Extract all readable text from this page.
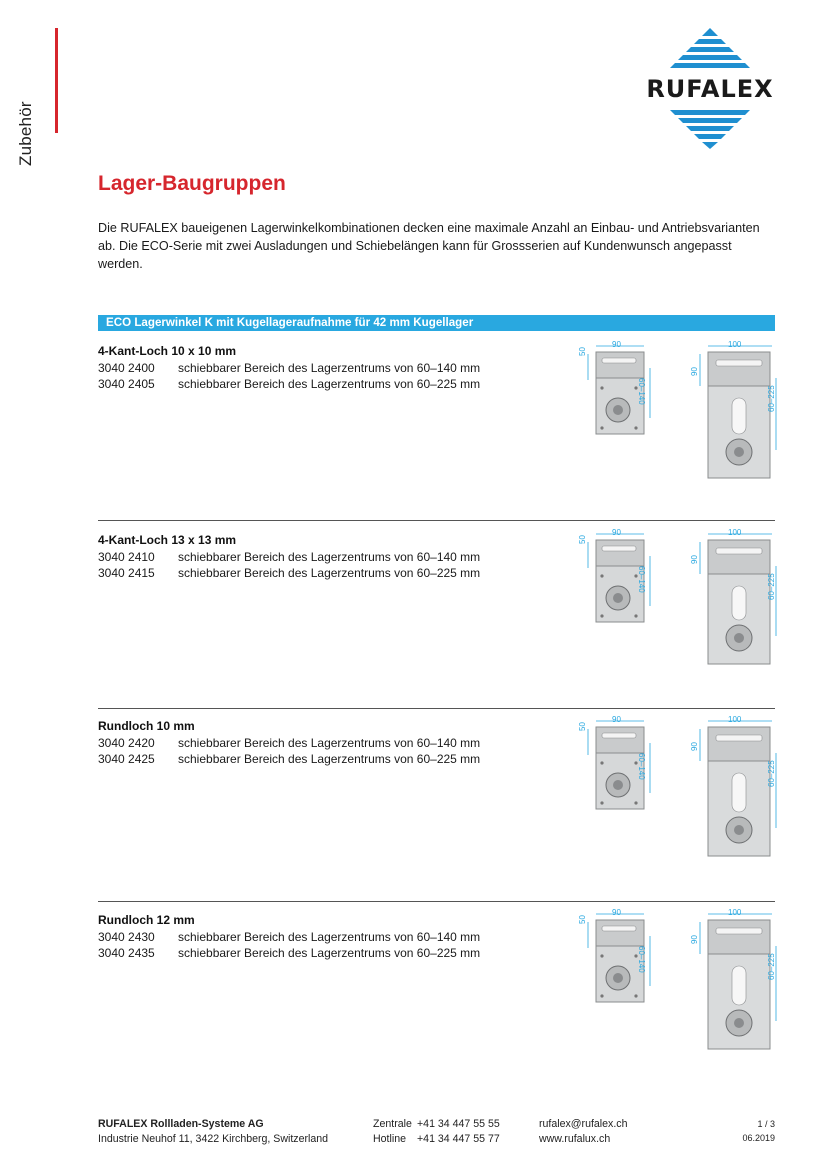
Zubehör
RUFALEX
Lager-Baugruppen

Die RUFALEX baueigenen Lagerwinkelkombinationen decken eine maximale Anzahl an Einbau- und Antriebsvarianten ab. Die ECO-Serie mit zwei Ausladungen und Schiebelängen kann für Grossserien auf Kundenwunsch angepasst werden.

ECO Lagerwinkel K mit Kugellageraufnahme für 42 mm Kugellager
4-Kant-Loch 10 x 10 mm
3040 2400 schiebbarer Bereich des Lagerzentrums von 60–140 mm
3040 2405 schiebbarer Bereich des Lagerzentrums von 60–225 mm
4-Kant-Loch 13 x 13 mm
3040 2410 schiebbarer Bereich des Lagerzentrums von 60–140 mm
3040 2415 schiebbarer Bereich des Lagerzentrums von 60–225 mm
Rundloch 10 mm
3040 2420 schiebbarer Bereich des Lagerzentrums von 60–140 mm
3040 2425 schiebbarer Bereich des Lagerzentrums von 60–225 mm
Rundloch 12 mm
3040 2430 schiebbarer Bereich des Lagerzentrums von 60–140 mm
3040 2435 schiebbarer Bereich des Lagerzentrums von 60–225 mm
90
50
60–140
100
90
60–225
90
50
60–140
100
90
60–225
90
50
60–140
100
90
60–225
90
50
60–140
100
90
60–225
RUFALEX Rollladen-Systeme AG
Industrie Neuhof 11, 3422 Kirchberg, Switzerland
Zentrale +41 34 447 55 55
Hotline +41 34 447 55 77
rufalex@rufalex.ch
www.rufalux.ch
1 / 3
06.2019
